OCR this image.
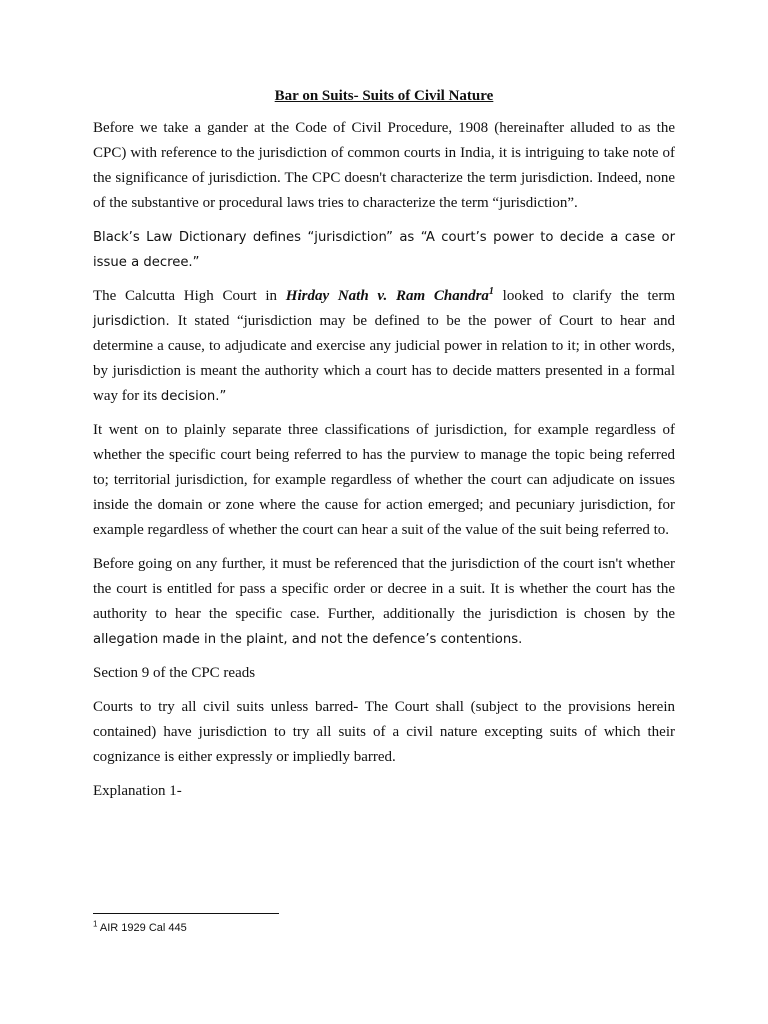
Bar on Suits- Suits of Civil Nature

Before we take a gander at the Code of Civil Procedure, 1908 (hereinafter alluded to as the CPC) with reference to the jurisdiction of common courts in India, it is intriguing to take note of the significance of jurisdiction. The CPC doesn't characterize the term jurisdiction. Indeed, none of the substantive or procedural laws tries to characterize the term “jurisdiction”.

Black’s Law Dictionary defines “jurisdiction” as “A court’s power to decide a case or issue a decree.”

The Calcutta High Court in Hirday Nath v. Ram Chandra$^1$ looked to clarify the term jurisdiction. It stated “jurisdiction may be defined to be the power of Court to hear and determine a cause, to adjudicate and exercise any judicial power in relation to it; in other words, by jurisdiction is meant the authority which a court has to decide matters presented in a formal way for its decision.”

It went on to plainly separate three classifications of jurisdiction, for example regardless of whether the specific court being referred to has the purview to manage the topic being referred to; territorial jurisdiction, for example regardless of whether the court can adjudicate on issues inside the domain or zone where the cause for action emerged; and pecuniary jurisdiction, for example regardless of whether the court can hear a suit of the value of the suit being referred to.

Before going on any further, it must be referenced that the jurisdiction of the court isn't whether the court is entitled for pass a specific order or decree in a suit. It is whether the court has the authority to hear the specific case. Further, additionally the jurisdiction is chosen by the allegation made in the plaint, and not the defence’s contentions.

Section 9 of the CPC reads

Courts to try all civil suits unless barred- The Court shall (subject to the provisions herein contained) have jurisdiction to try all suits of a civil nature excepting suits of which their cognizance is either expressly or impliedly barred.

Explanation 1-

$^1$ AIR 1929 Cal 445
